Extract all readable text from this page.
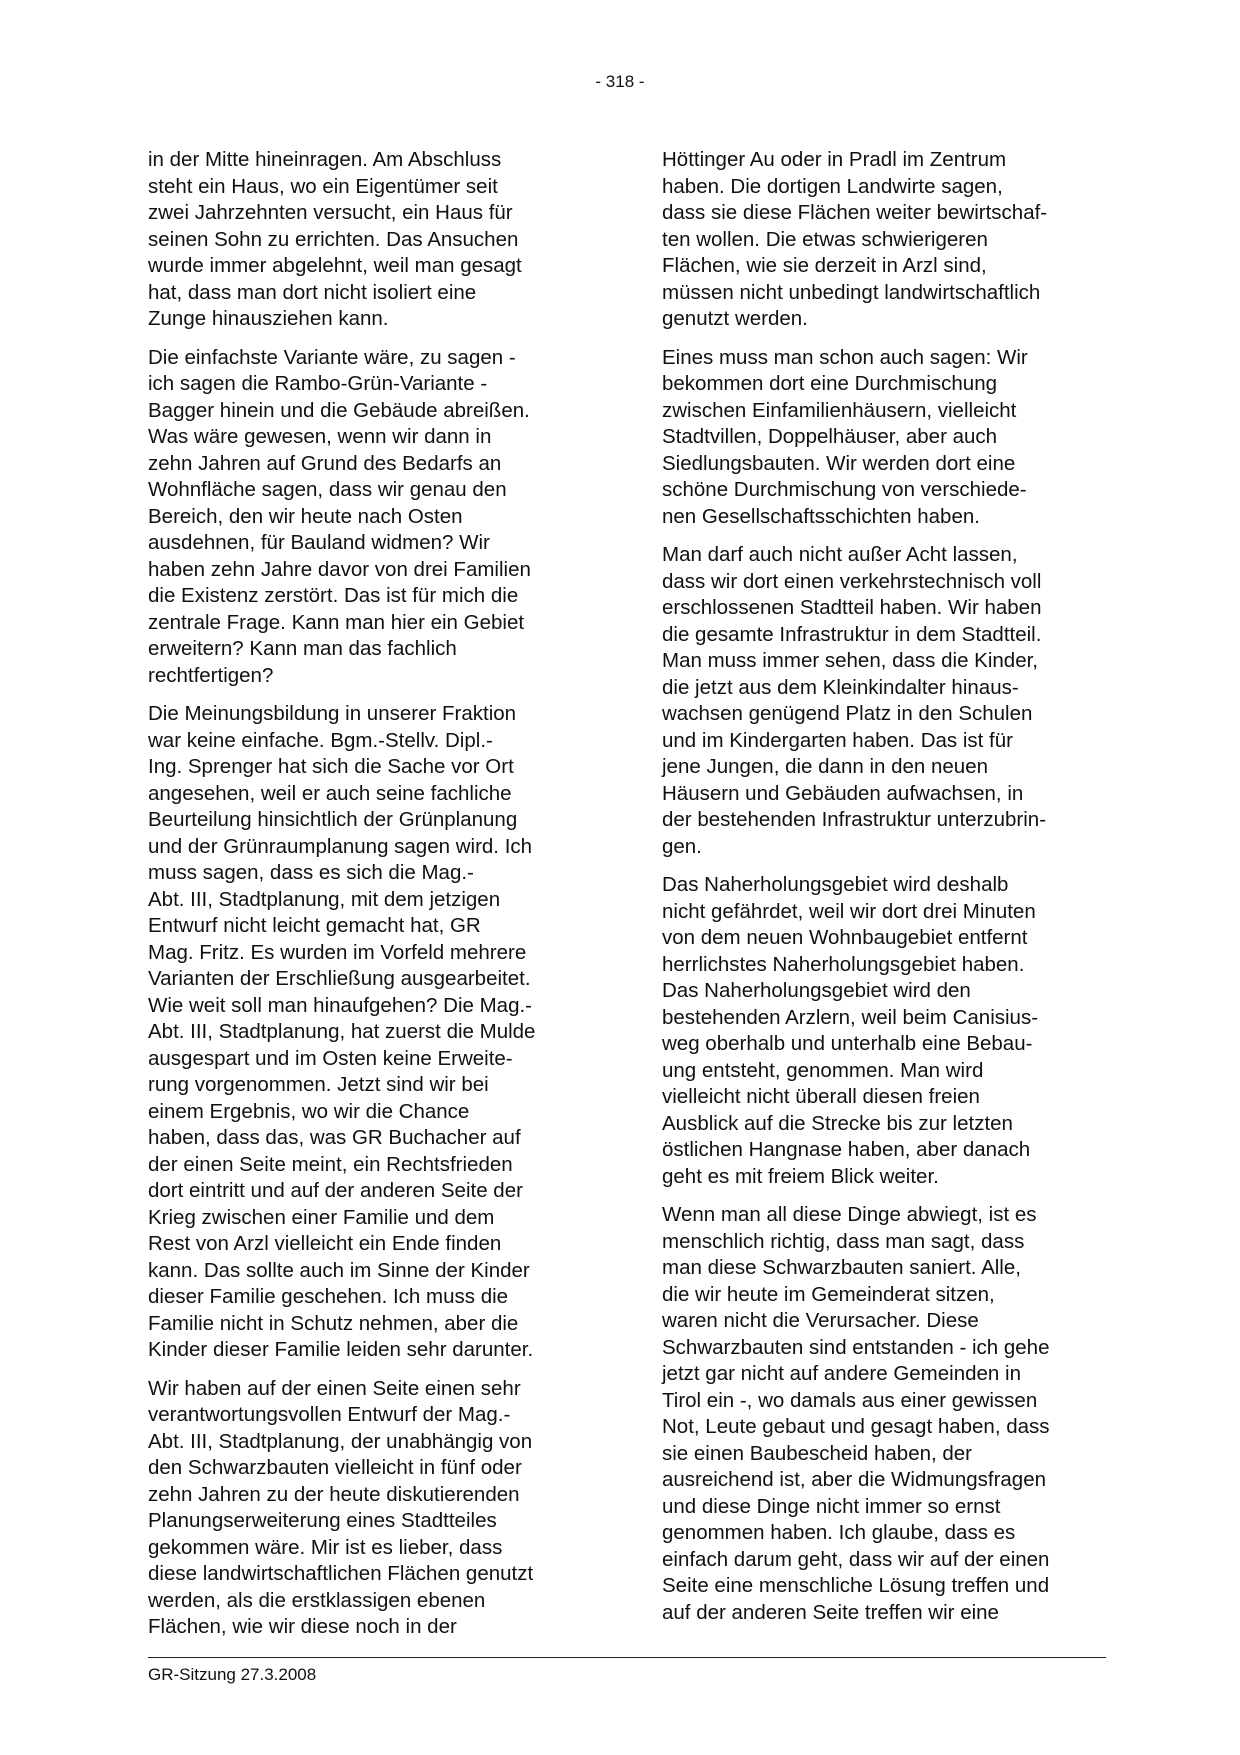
- 318 -

in der Mitte hineinragen. Am Abschluss
steht ein Haus, wo ein Eigentümer seit
zwei Jahrzehnten versucht, ein Haus für
seinen Sohn zu errichten. Das Ansuchen
wurde immer abgelehnt, weil man gesagt
hat, dass man dort nicht isoliert eine
Zunge hinausziehen kann.

Die einfachste Variante wäre, zu sagen -
ich sagen die Rambo-Grün-Variante -
Bagger hinein und die Gebäude abreißen.
Was wäre gewesen, wenn wir dann in
zehn Jahren auf Grund des Bedarfs an
Wohnfläche sagen, dass wir genau den
Bereich, den wir heute nach Osten
ausdehnen, für Bauland widmen? Wir
haben zehn Jahre davor von drei Familien
die Existenz zerstört. Das ist für mich die
zentrale Frage. Kann man hier ein Gebiet
erweitern? Kann man das fachlich
rechtfertigen?

Die Meinungsbildung in unserer Fraktion
war keine einfache. Bgm.-Stellv. Dipl.-
Ing. Sprenger hat sich die Sache vor Ort
angesehen, weil er auch seine fachliche
Beurteilung hinsichtlich der Grünplanung
und der Grünraumplanung sagen wird. Ich
muss sagen, dass es sich die Mag.-
Abt. III, Stadtplanung, mit dem jetzigen
Entwurf nicht leicht gemacht hat, GR
Mag. Fritz. Es wurden im Vorfeld mehrere
Varianten der Erschließung ausgearbeitet.
Wie weit soll man hinaufgehen? Die Mag.-
Abt. III, Stadtplanung, hat zuerst die Mulde
ausgespart und im Osten keine Erweite-
rung vorgenommen. Jetzt sind wir bei
einem Ergebnis, wo wir die Chance
haben, dass das, was GR Buchacher auf
der einen Seite meint, ein Rechtsfrieden
dort eintritt und auf der anderen Seite der
Krieg zwischen einer Familie und dem
Rest von Arzl vielleicht ein Ende finden
kann. Das sollte auch im Sinne der Kinder
dieser Familie geschehen. Ich muss die
Familie nicht in Schutz nehmen, aber die
Kinder dieser Familie leiden sehr darunter.

Wir haben auf der einen Seite einen sehr
verantwortungsvollen Entwurf der Mag.-
Abt. III, Stadtplanung, der unabhängig von
den Schwarzbauten vielleicht in fünf oder
zehn Jahren zu der heute diskutierenden
Planungserweiterung eines Stadtteiles
gekommen wäre. Mir ist es lieber, dass
diese landwirtschaftlichen Flächen genutzt
werden, als die erstklassigen ebenen
Flächen, wie wir diese noch in der

Höttinger Au oder in Pradl im Zentrum
haben. Die dortigen Landwirte sagen,
dass sie diese Flächen weiter bewirtschaf-
ten wollen. Die etwas schwierigeren
Flächen, wie sie derzeit in Arzl sind,
müssen nicht unbedingt landwirtschaftlich
genutzt werden.

Eines muss man schon auch sagen: Wir
bekommen dort eine Durchmischung
zwischen Einfamilienhäusern, vielleicht
Stadtvillen, Doppelhäuser, aber auch
Siedlungsbauten. Wir werden dort eine
schöne Durchmischung von verschiede-
nen Gesellschaftsschichten haben.

Man darf auch nicht außer Acht lassen,
dass wir dort einen verkehrstechnisch voll
erschlossenen Stadtteil haben. Wir haben
die gesamte Infrastruktur in dem Stadtteil.
Man muss immer sehen, dass die Kinder,
die jetzt aus dem Kleinkindalter hinaus-
wachsen genügend Platz in den Schulen
und im Kindergarten haben. Das ist für
jene Jungen, die dann in den neuen
Häusern und Gebäuden aufwachsen, in
der bestehenden Infrastruktur unterzubrin-
gen.

Das Naherholungsgebiet wird deshalb
nicht gefährdet, weil wir dort drei Minuten
von dem neuen Wohnbaugebiet entfernt
herrlichstes Naherholungsgebiet haben.
Das Naherholungsgebiet wird den
bestehenden Arzlern, weil beim Canisius-
weg oberhalb und unterhalb eine Bebau-
ung entsteht, genommen. Man wird
vielleicht nicht überall diesen freien
Ausblick auf die Strecke bis zur letzten
östlichen Hangnase haben, aber danach
geht es mit freiem Blick weiter.

Wenn man all diese Dinge abwiegt, ist es
menschlich richtig, dass man sagt, dass
man diese Schwarzbauten saniert. Alle,
die wir heute im Gemeinderat sitzen,
waren nicht die Verursacher. Diese
Schwarzbauten sind entstanden - ich gehe
jetzt gar nicht auf andere Gemeinden in
Tirol ein -, wo damals aus einer gewissen
Not, Leute gebaut und gesagt haben, dass
sie einen Baubescheid haben, der
ausreichend ist, aber die Widmungsfragen
und diese Dinge nicht immer so ernst
genommen haben. Ich glaube, dass es
einfach darum geht, dass wir auf der einen
Seite eine menschliche Lösung treffen und
auf der anderen Seite treffen wir eine

GR-Sitzung 27.3.2008
